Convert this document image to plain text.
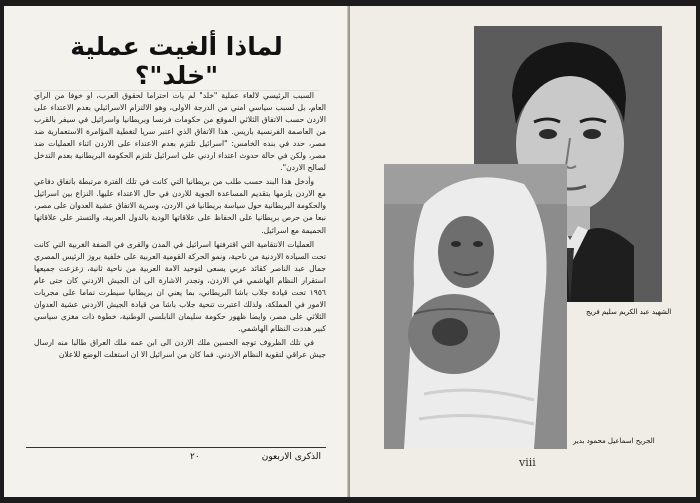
لماذا ألغيت عملية "خلد"؟

السبب الرئيسي لالغاء عملية "خلد" لم يات احتراما لحقوق العرب، او خوفا من الراي العام، بل لسبب سياسي امني من الدرجة الاولى، وهو الالتزام الاسرائيلي بعدم الاعتداء على الاردن حسب الاتفاق الثلاثي الموقع من حكومات فرنسا وبريطانيا واسرائيل في سيفر بالقرب من العاصمة الفرنسية باريس. هذا الاتفاق الذي اعتبر سريا لتغطية المؤامرة الاستعمارية ضد مصر، حدد في بنده الخامس: "اسرائيل تلتزم بعدم الاعتداء على الاردن اثناء العمليات ضد مصر، ولكن في حالة حدوث اعتداء اردني على اسرائيل تلتزم الحكومة البريطانية بعدم التدخل لصالح الاردن".

وأدخل هذا البند حسب طلب من بريطانيا التي كانت في تلك الفترة مرتبطة باتفاق دفاعي مع الاردن يلزمها بتقديم المساعدة الجوية للاردن في حال الاعتداء عليها. النزاع بين اسرائيل والحكومة البريطانية حول سياسة بريطانيا في الاردن، وسرية الاتفاق عشية العدوان على مصر، نبعا من حرص بريطانيا على الحفاظ على علاقاتها الودية بالدول العربية، والتستر على علاقاتها الحميمة مع اسرائيل.

العمليات الانتقامية التي اقترفتها اسرائيل في المدن والقرى في الضفة الغربية التي كانت تحت السيادة الاردنية من ناحية، ونمو الحركة القومية العربية على خلفية بروز الرئيس المصري جمال عبد الناصر كقائد عربي يسعى لتوحيد الامة العربية من ناحية ثانية، زعزعت جميعها استقرار النظام الهاشمي في الاردن، وتجدر الاشارة الى ان الجيش الاردني كان حتى عام ١٩٥٦ تحت قيادة جلاب باشا البريطاني، بما يعني ان بريطانيا سيطرت تماما على مجريات الامور في المملكة، ولذلك اعتبرت تنحية جلاب باشا من قيادة الجيش الاردني عشية العدوان الثلاثي على مصر، وايضا ظهور حكومة سليمان النابلسي الوطنية، خطوة ذات مغزى سياسي كبير هددت النظام الهاشمي.

في تلك الظروف توجه الحسين ملك الاردن الى ابن عمه ملك العراق طالبا منه ارسال جيش عراقي لتقوية النظام الاردني. فما كان من اسرائيل الا ان استغلت الوضع للاعلان

الذكرى الاربعون
٢٠
الشهيد عبد الكريم سليم فريج
الجريح اسماعيل محمود بدير
viii
